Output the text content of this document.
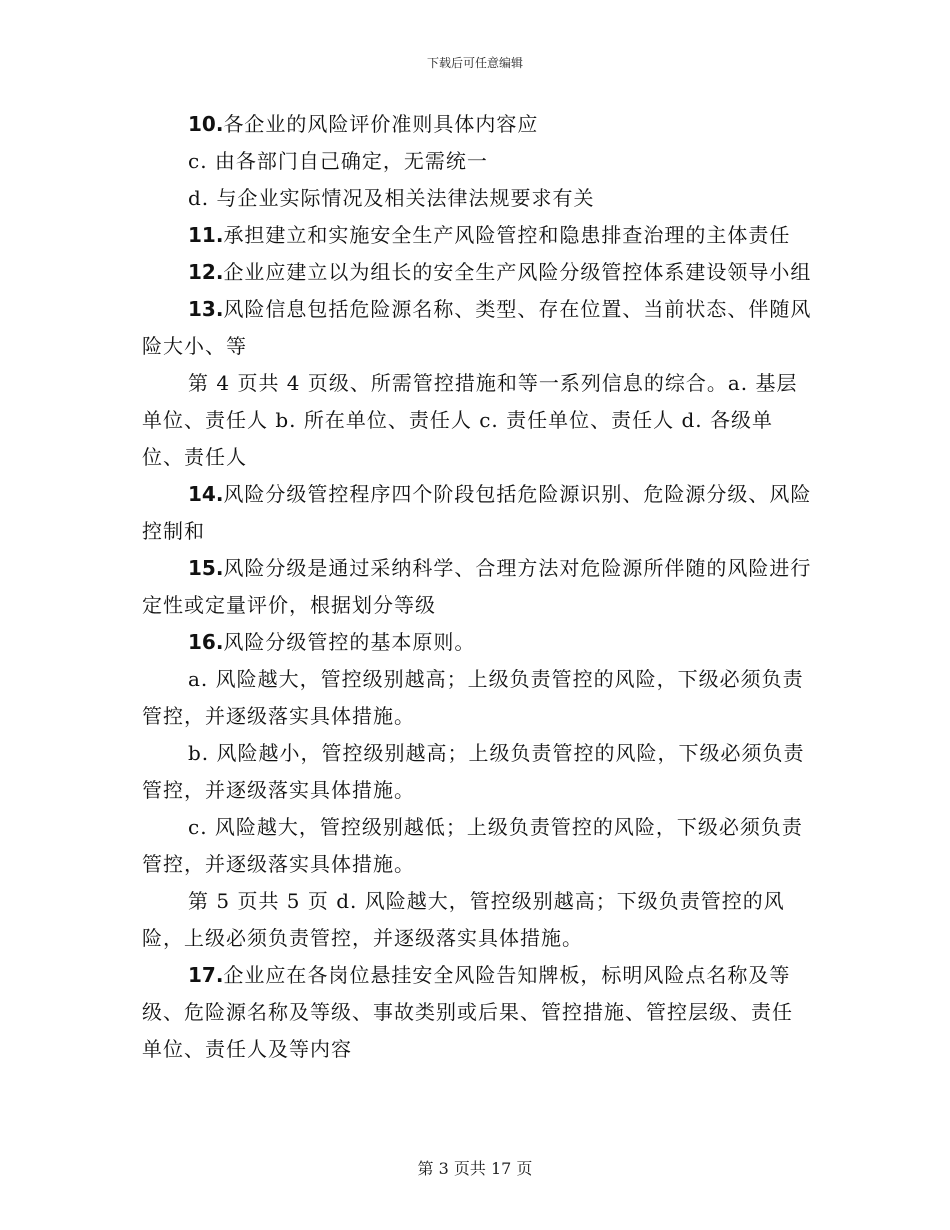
下载后可任意编辑

10.各企业的风险评价准则具体内容应

c. 由各部门自己确定，无需统一

d. 与企业实际情况及相关法律法规要求有关

11.承担建立和实施安全生产风险管控和隐患排查治理的主体责任

12.企业应建立以为组长的安全生产风险分级管控体系建设领导小组

13.风险信息包括危险源名称、类型、存在位置、当前状态、伴随风险大小、等

第 4 页共 4 页级、所需管控措施和等一系列信息的综合。a. 基层单位、责任人 b. 所在单位、责任人 c. 责任单位、责任人 d. 各级单位、责任人

14.风险分级管控程序四个阶段包括危险源识别、危险源分级、风险控制和

15.风险分级是通过采纳科学、合理方法对危险源所伴随的风险进行定性或定量评价，根据划分等级

16.风险分级管控的基本原则。

a. 风险越大，管控级别越高；上级负责管控的风险，下级必须负责管控，并逐级落实具体措施。

b. 风险越小，管控级别越高；上级负责管控的风险，下级必须负责管控，并逐级落实具体措施。

c. 风险越大，管控级别越低；上级负责管控的风险，下级必须负责管控，并逐级落实具体措施。

第 5 页共 5 页 d. 风险越大，管控级别越高；下级负责管控的风险，上级必须负责管控，并逐级落实具体措施。

17.企业应在各岗位悬挂安全风险告知牌板，标明风险点名称及等级、危险源名称及等级、事故类别或后果、管控措施、管控层级、责任单位、责任人及等内容

第 3 页共 17 页
